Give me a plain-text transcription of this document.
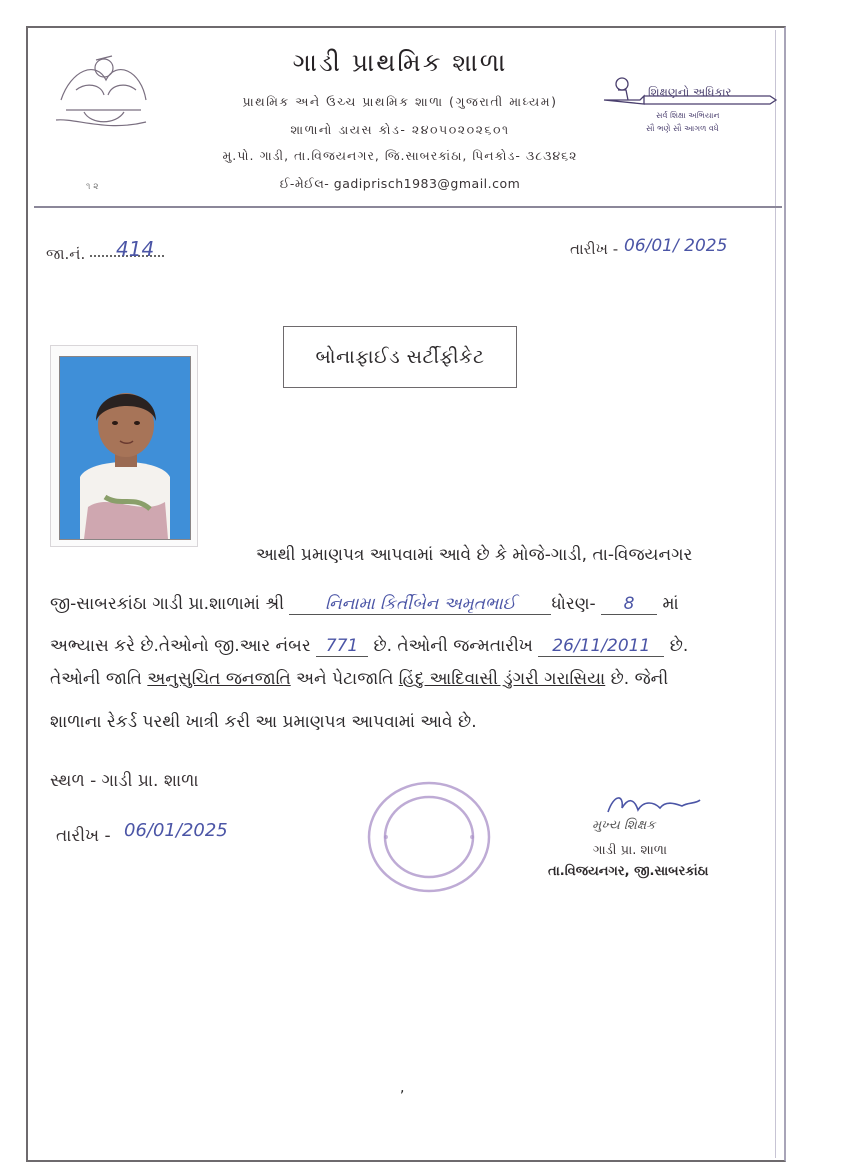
૧ ૨
શિક્ષણનો અધિકાર
સર્વ શિક્ષા અભિયાન
સૌ ભણે સૌ આગળ વધે
ગાડી પ્રાથમિક શાળા
પ્રાથમિક અને ઉચ્ચ પ્રાથમિક શાળા (ગુજરાતી માધ્યમ)
શાળાનો ડાયસ કોડ- ૨૪૦૫૦૨૦૨૬૦૧
મુ.પો. ગાડી, તા.વિજયનગર, જિ.સાબરકાંઠા, પિનકોડ- ૩૮૩૪૬૨
ઈ-મેઈલ- gadiprisch1983@gmail.com
જા.નં. 414	તારીખ - 06/01/ 2025
બોનાફાઈડ સર્ટીફીકેટ
આથી પ્રમાણપત્ર આપવામાં આવે છે કે મોજે-ગાડી, તા-વિજયનગર
જી-સાબરકાંઠા ગાડી પ્રા.શાળામાં શ્રી નિનામા કિર્તીબેન અમૃતભાઈ ધોરણ- 8 માં
અભ્યાસ કરે છે.તેઓનો જી.આર નંબર 771 છે. તેઓની જન્મતારીખ 26/11/2011 છે.
તેઓની જાતિ અનુસુચિત જનજાતિ અને પેટાજાતિ હિંદુ આદિવાસી ડુંગરી ગરાસિયા છે. જેની
શાળાના રેકર્ડ પરથી ખાત્રી કરી આ પ્રમાણપત્ર આપવામાં આવે છે.
સ્થળ - ગાડી પ્રા. શાળા
તારીખ - 06/01/2025	મુખ્ય શિક્ષક
ગાડી પ્રા. શાળા
તા.વિજયનગર, જી.સાબરકાંઠા
,
